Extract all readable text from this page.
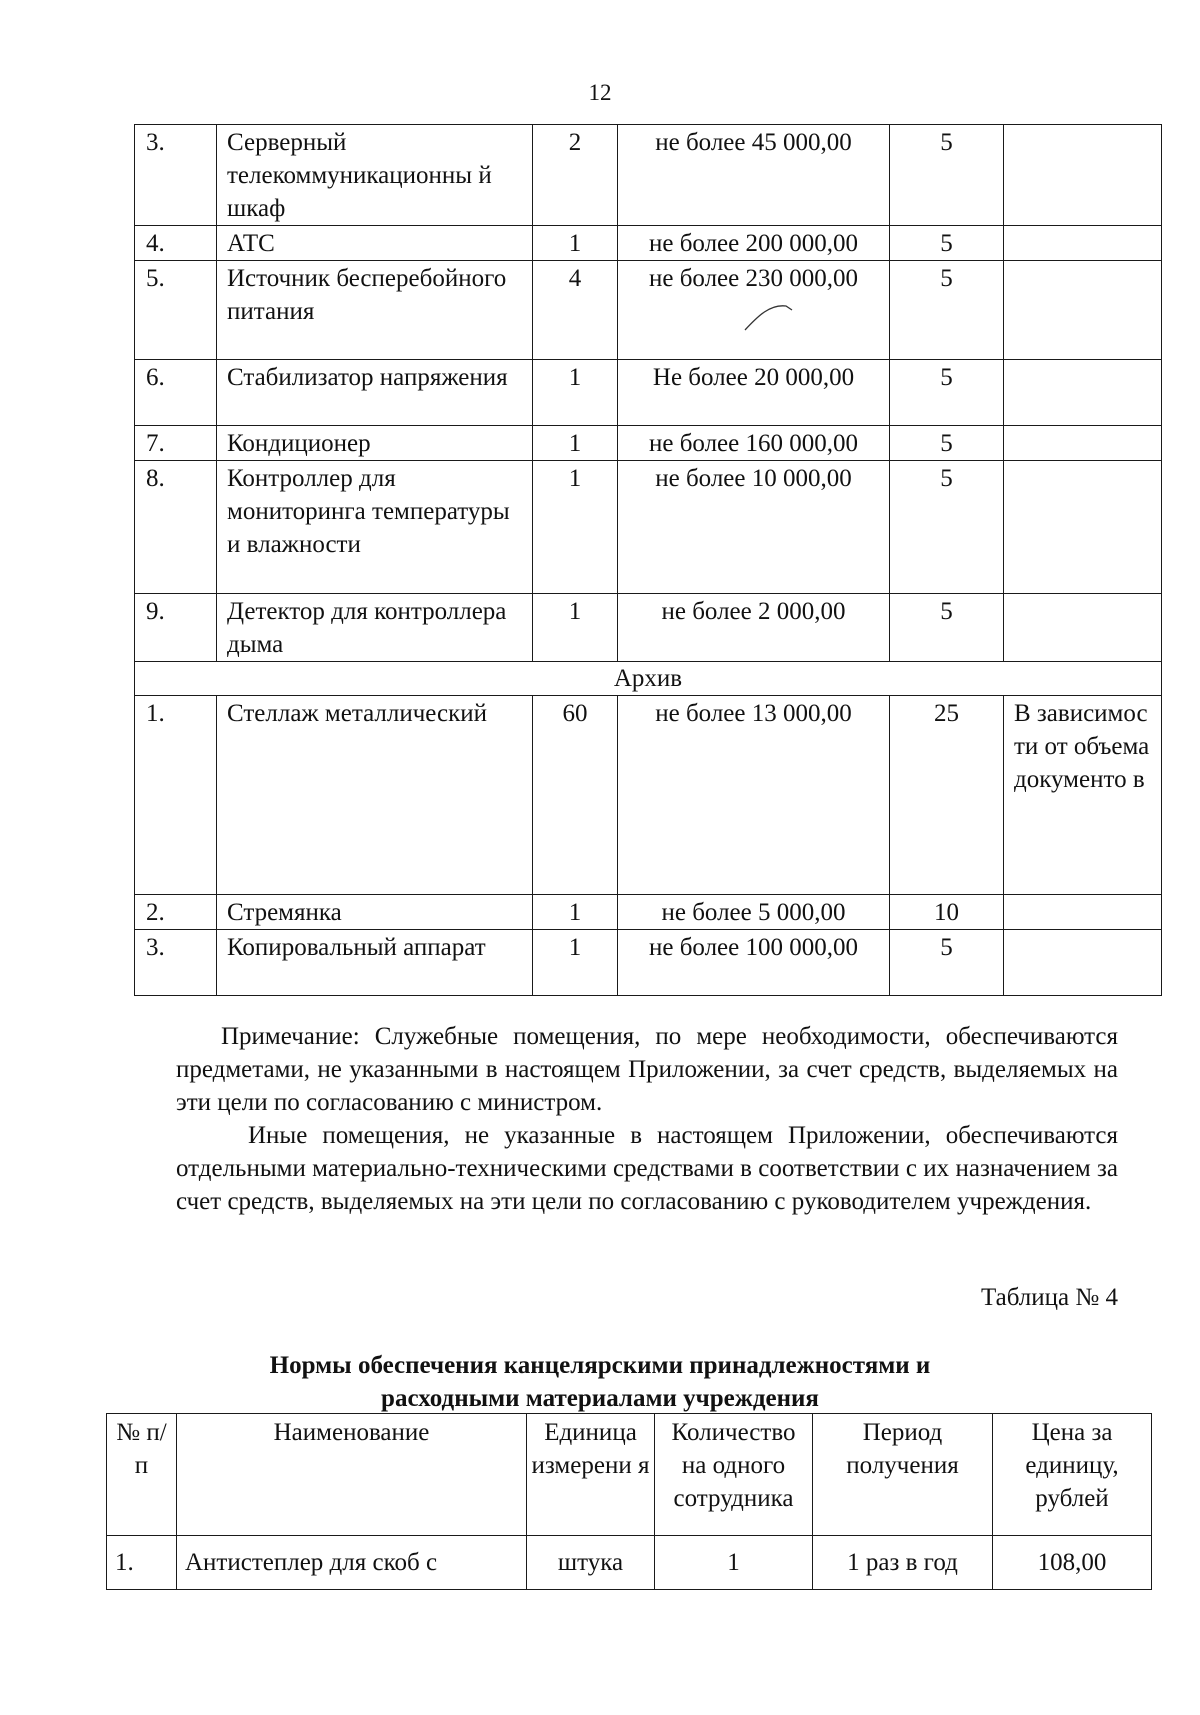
12
3.	Серверный телекоммуникационны й шкаф	2	не более 45 000,00	5	
4.	АТС	1	не более 200 000,00	5	
5.	Источник бесперебойного питания	4	не более 230 000,00	5	
6.	Стабилизатор напряжения	1	Не более 20 000,00	5	
7.	Кондиционер	1	не более 160 000,00	5	
8.	Контроллер для мониторинга температуры и влажности	1	не более 10 000,00	5	
9.	Детектор для контроллера дыма	1	не более 2 000,00	5	
Архив					
1.	Стеллаж металлический	60	не более 13 000,00	25	В зависимос ти от объема документо в
2.	Стремянка	1	не более 5 000,00	10	
3.	Копировальный аппарат	1	не более 100 000,00	5	

Примечание: Служебные помещения, по мере необходимости, обеспечиваются предметами, не указанными в настоящем Приложении, за счет средств, выделяемых на эти цели по согласованию с министром.

Иные помещения, не указанные в настоящем Приложении, обеспечиваются отдельными материально-техническими средствами в соответствии с их назначением за счет средств, выделяемых на эти цели по согласованию с руководителем учреждения.

Таблица № 4
Нормы обеспечения канцелярскими принадлежностями и
расходными материалами учреждения
№ п/п	Наименование	Единица измерени я	Количество на одного сотрудника	Период получения	Цена за единицу, рублей
1.	Антистеплер для скоб с	штука	1	1 раз в год	108,00
